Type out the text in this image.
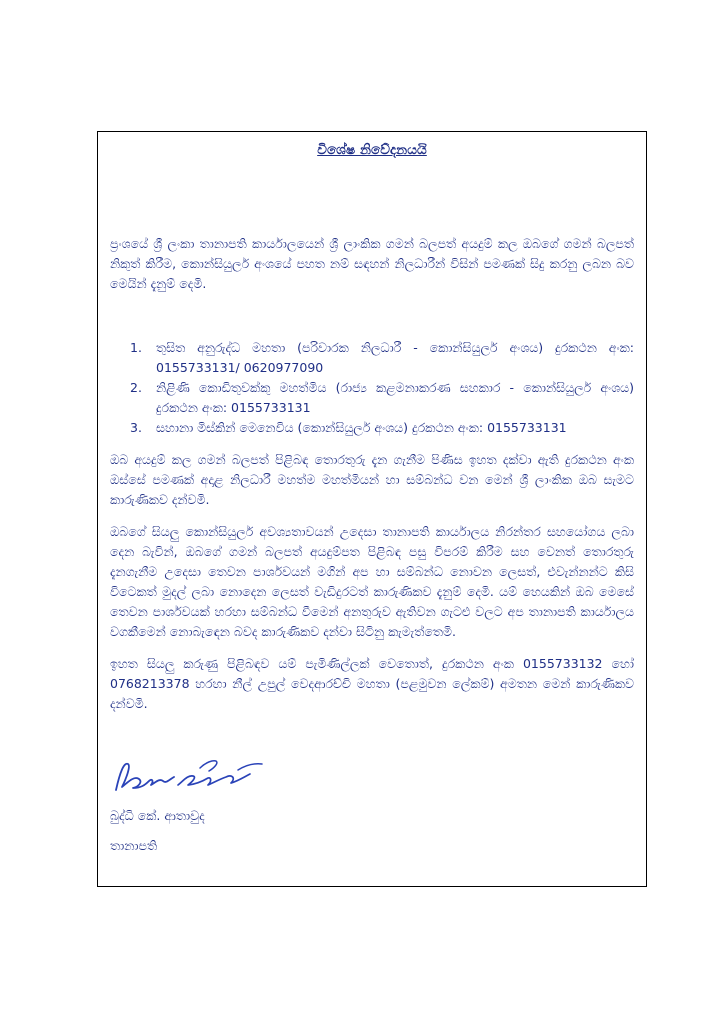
විශේෂ නිවේදනයයි

ප්‍රංශයේ ශ්‍රී ලංකා තානාපති කාර්යාලයෙන් ශ්‍රී ලාංකික ගමන් බලපත් අයදුම් කල ඔබගේ ගමන් බලපත් නිකුත් කිරීම, කොන්සියුලර් අංශයේ පහත නම් සඳහන් නිලධාරීන් විසින් පමණක් සිදු කරනු ලබන බව මෙයින් දැනුම් දෙමි.

1.	තුසිත අනුරුද්ධ මහතා (පරිවාරක නිලධාරී - කොන්සියුලර් අංශය) දුරකථන අංක: 0155733131/ 0620977090
2.	නිළිණි කොඩිතුවක්කු මහත්මිය (රාජ්‍ය කළමනාකරණ සහකාර - කොන්සියුලර් අංශය) දුරකථන අංක: 0155733131
3.	සහානා මිස්කින් මෙනෙවිය (කොන්සියුලර් අංශය) දුරකථන අංක: 0155733131

ඔබ අයදුම් කල ගමන් බලපත් පිළිබඳ තොරතුරු දැන ගැනීම පිණිස ඉහත දක්වා ඇති දුරකථන අංක ඔස්සේ පමණක් අදාළ නිලධාරී මහත්ම මහත්මියන් හා සම්බන්ධ වන මෙන් ශ්‍රී ලාංකික ඔබ සැමට කාරුණිකව දන්වමි.

ඔබගේ සියලු කොන්සියුලර් අවශ්‍යතාවයන් උදෙසා තානාපති කාර්යාලය නිරන්තර සහයෝගය ලබා දෙන බැවින්, ඔබගේ ගමන් බලපත් අයදුම්පත පිළිබඳ පසු විපරම් කිරීම සහ වෙනත් තොරතුරු දැනගැනීම උදෙසා තෙවන පාර්ශවයන් මගින් අප හා සම්බන්ධ නොවන ලෙසත්, එවැන්නන්ට කිසි විටෙකත් මුදල් ලබා නොදෙන ලෙසත් වැඩිදුරටත් කාරුණිකව දැනුම් දෙමි. යම් හෙයකින් ඔබ මෙසේ තෙවන පාර්ශවයක් හරහා සම්බන්ධ වීමෙන් අනතුරුව ඇතිවන ගැටළු වලට අප තානාපති කාර්යාලය වගකීමෙන් නොබැඳෙන බවද කාරුණිකව දන්වා සිටිනු කැමැත්තෙමි.

ඉහත සියලු කරුණු පිළිබඳව යම් පැමිණිල්ලක් වෙතොත්, දුරකථන අංක 0155733132 හෝ 0768213378 හරහා නීල් උපුල් වෙදආරච්චි මහතා (පළමුවන ලේකම්) අමතන මෙන් කාරුණිකව දන්වමි.

බුද්ධි කේ. ආතාවුද
තානාපති
